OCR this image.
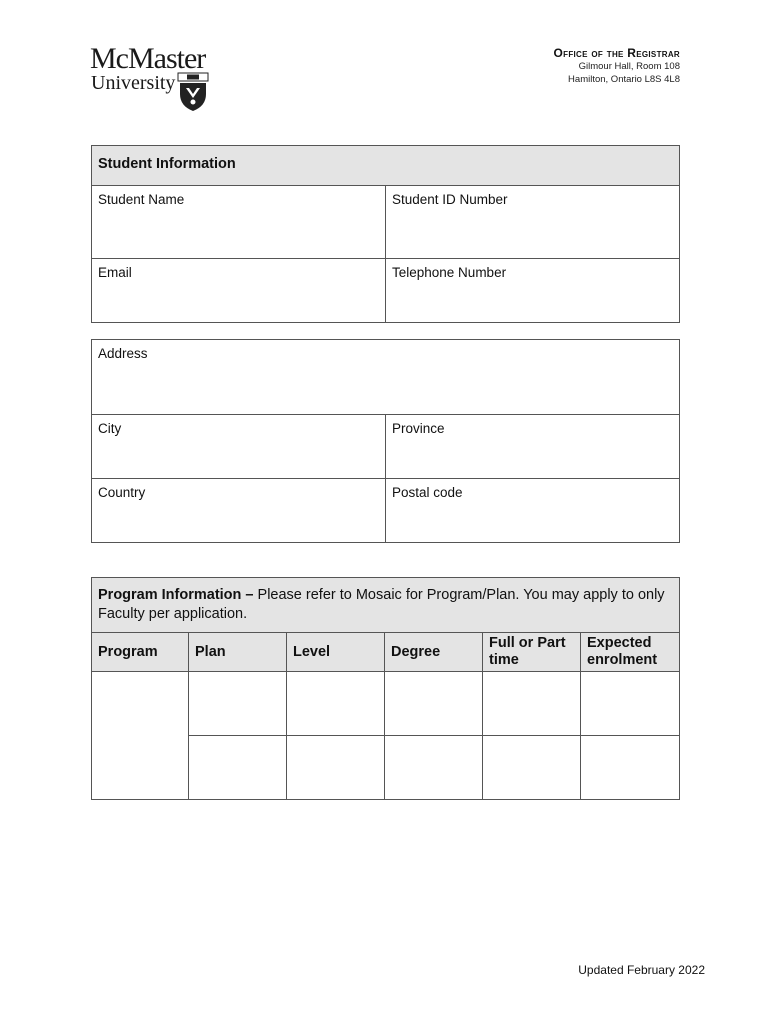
McMaster
University
Office of the Registrar
Gilmour Hall, Room 108
Hamilton, Ontario L8S 4L8
Student Information	
Student Name	Student ID Number
Email	Telephone Number
Address	
City	Province
Country	Postal code
Program Information – Please refer to Mosaic for Program/Plan. You may apply to only Faculty per application.					
Program	Plan	Level	Degree	Full or Part time	Expected enrolment

Updated February 2022
